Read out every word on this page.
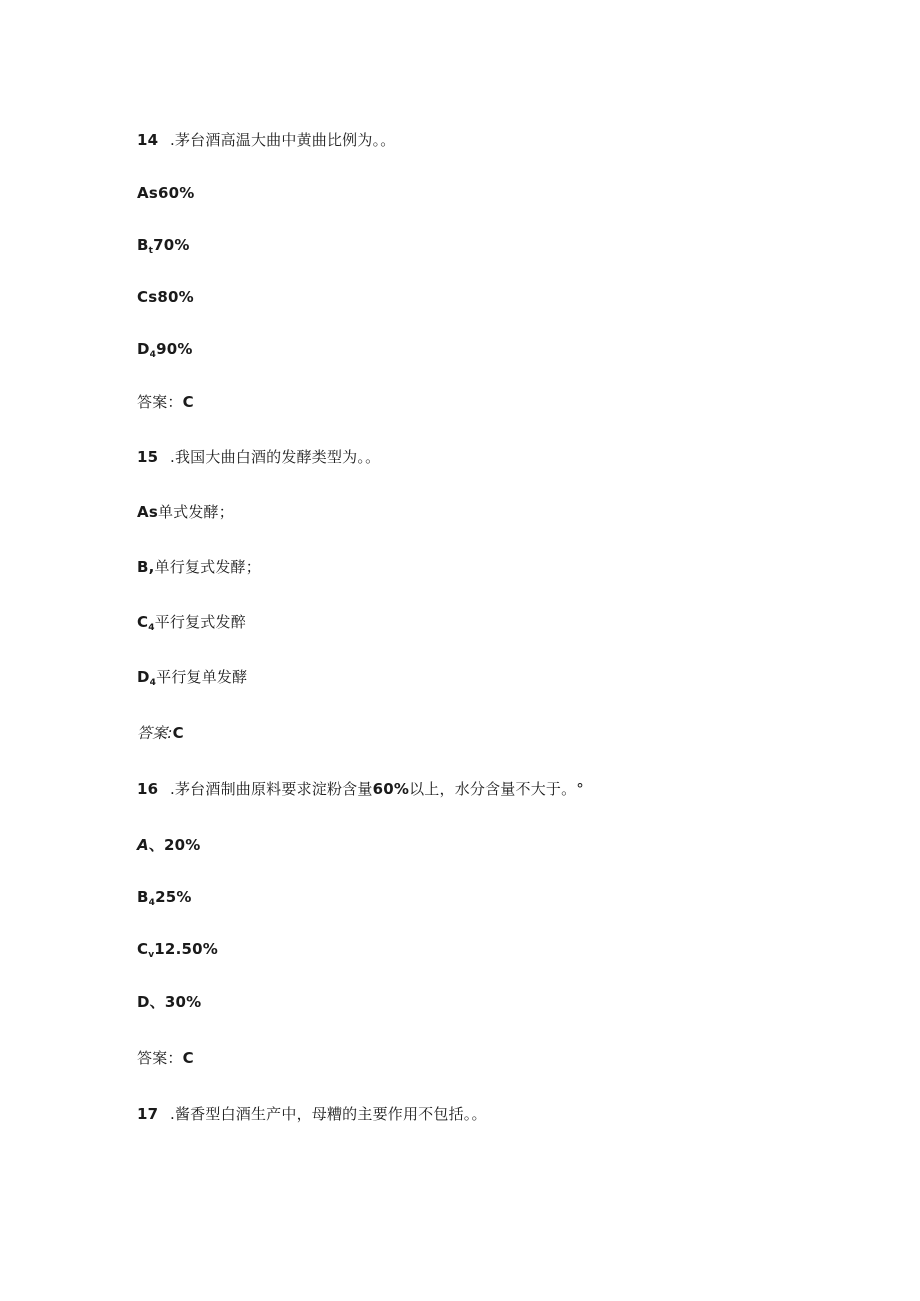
14 .茅台酒高温大曲中黄曲比例为。。
As60%
$B_t70\%$
Cs80%
$D_490\%$
答案：C
15 .我国大曲白酒的发酵类型为。。
As单式发酵；
B,单行复式发酵；
$C_4$平行复式发醉
$D_4$平行复单发酵
答案:C
16 .茅台酒制曲原料要求淀粉含量60%以上，水分含量不大于。°
A、20%
$B_425\%$
$C_v12.50\%$
D、30%
答案：C
17 .酱香型白酒生产中，母糟的主要作用不包括。。
